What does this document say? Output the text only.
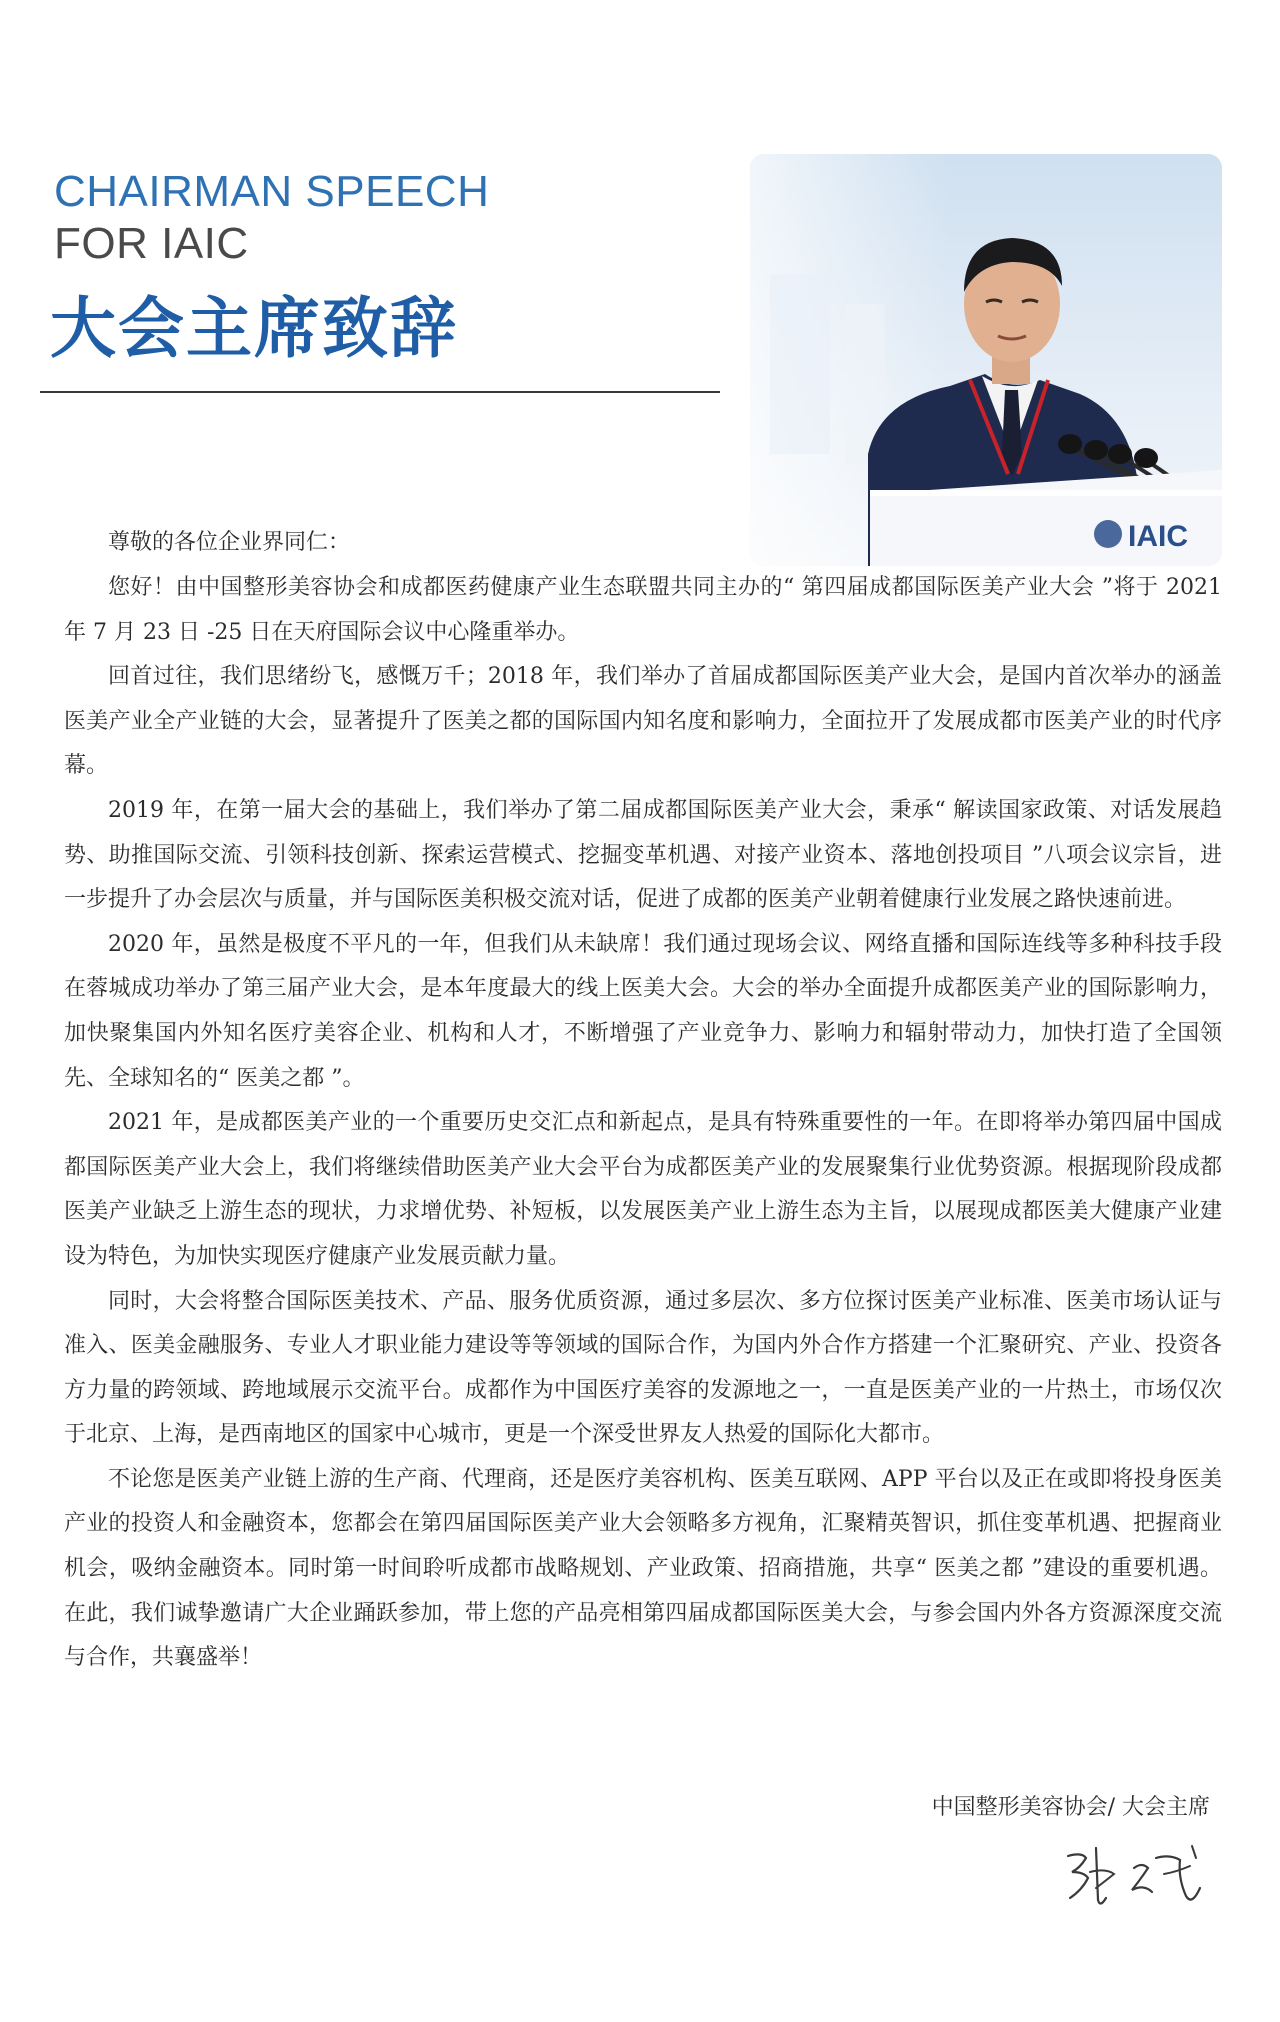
CHAIRMAN SPEECH
FOR IAIC
大会主席致辞
IAIC
尊敬的各位企业界同仁：

您好！由中国整形美容协会和成都医药健康产业生态联盟共同主办的“ 第四届成都国际医美产业大会 ”将于 2021 年 7 月 23 日 -25 日在天府国际会议中心隆重举办。

回首过往，我们思绪纷飞，感慨万千；2018 年，我们举办了首届成都国际医美产业大会，是国内首次举办的涵盖医美产业全产业链的大会，显著提升了医美之都的国际国内知名度和影响力，全面拉开了发展成都市医美产业的时代序幕。

2019 年，在第一届大会的基础上，我们举办了第二届成都国际医美产业大会，秉承“ 解读国家政策、对话发展趋势、助推国际交流、引领科技创新、探索运营模式、挖掘变革机遇、对接产业资本、落地创投项目 ”八项会议宗旨，进一步提升了办会层次与质量，并与国际医美积极交流对话，促进了成都的医美产业朝着健康行业发展之路快速前进。

2020 年，虽然是极度不平凡的一年，但我们从未缺席！我们通过现场会议、网络直播和国际连线等多种科技手段在蓉城成功举办了第三届产业大会，是本年度最大的线上医美大会。大会的举办全面提升成都医美产业的国际影响力，加快聚集国内外知名医疗美容企业、机构和人才，不断增强了产业竞争力、影响力和辐射带动力，加快打造了全国领先、全球知名的“ 医美之都 ”。

2021 年，是成都医美产业的一个重要历史交汇点和新起点，是具有特殊重要性的一年。在即将举办第四届中国成都国际医美产业大会上，我们将继续借助医美产业大会平台为成都医美产业的发展聚集行业优势资源。根据现阶段成都医美产业缺乏上游生态的现状，力求增优势、补短板，以发展医美产业上游生态为主旨，以展现成都医美大健康产业建设为特色，为加快实现医疗健康产业发展贡献力量。

同时，大会将整合国际医美技术、产品、服务优质资源，通过多层次、多方位探讨医美产业标准、医美市场认证与准入、医美金融服务、专业人才职业能力建设等等领域的国际合作，为国内外合作方搭建一个汇聚研究、产业、投资各方力量的跨领域、跨地域展示交流平台。成都作为中国医疗美容的发源地之一，一直是医美产业的一片热土，市场仅次于北京、上海，是西南地区的国家中心城市，更是一个深受世界友人热爱的国际化大都市。

不论您是医美产业链上游的生产商、代理商，还是医疗美容机构、医美互联网、APP 平台以及正在或即将投身医美产业的投资人和金融资本，您都会在第四届国际医美产业大会领略多方视角，汇聚精英智识，抓住变革机遇、把握商业机会，吸纳金融资本。同时第一时间聆听成都市战略规划、产业政策、招商措施，共享“ 医美之都 ”建设的重要机遇。在此，我们诚挚邀请广大企业踊跃参加，带上您的产品亮相第四届成都国际医美大会，与参会国内外各方资源深度交流与合作，共襄盛举！

中国整形美容协会/ 大会主席
